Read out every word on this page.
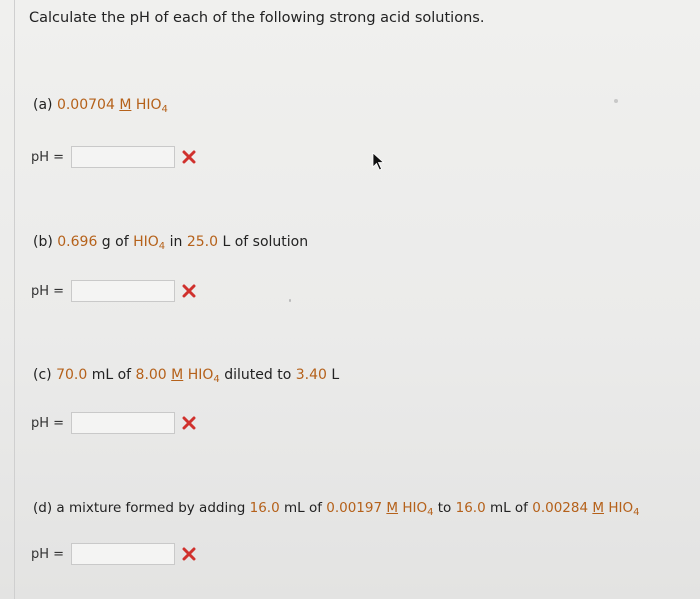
Calculate the pH of each of the following strong acid solutions.
(a) 0.00704 M $HIO_4$
pH =
(b) 0.696 g of $HIO_4$ in 25.0 L of solution
pH =
(c) 70.0 mL of 8.00 M $HIO_4$ diluted to 3.40 L
pH =
(d) a mixture formed by adding 16.0 mL of 0.00197 M $HIO_4$ to 16.0 mL of 0.00284 M $HIO_4$
pH =
